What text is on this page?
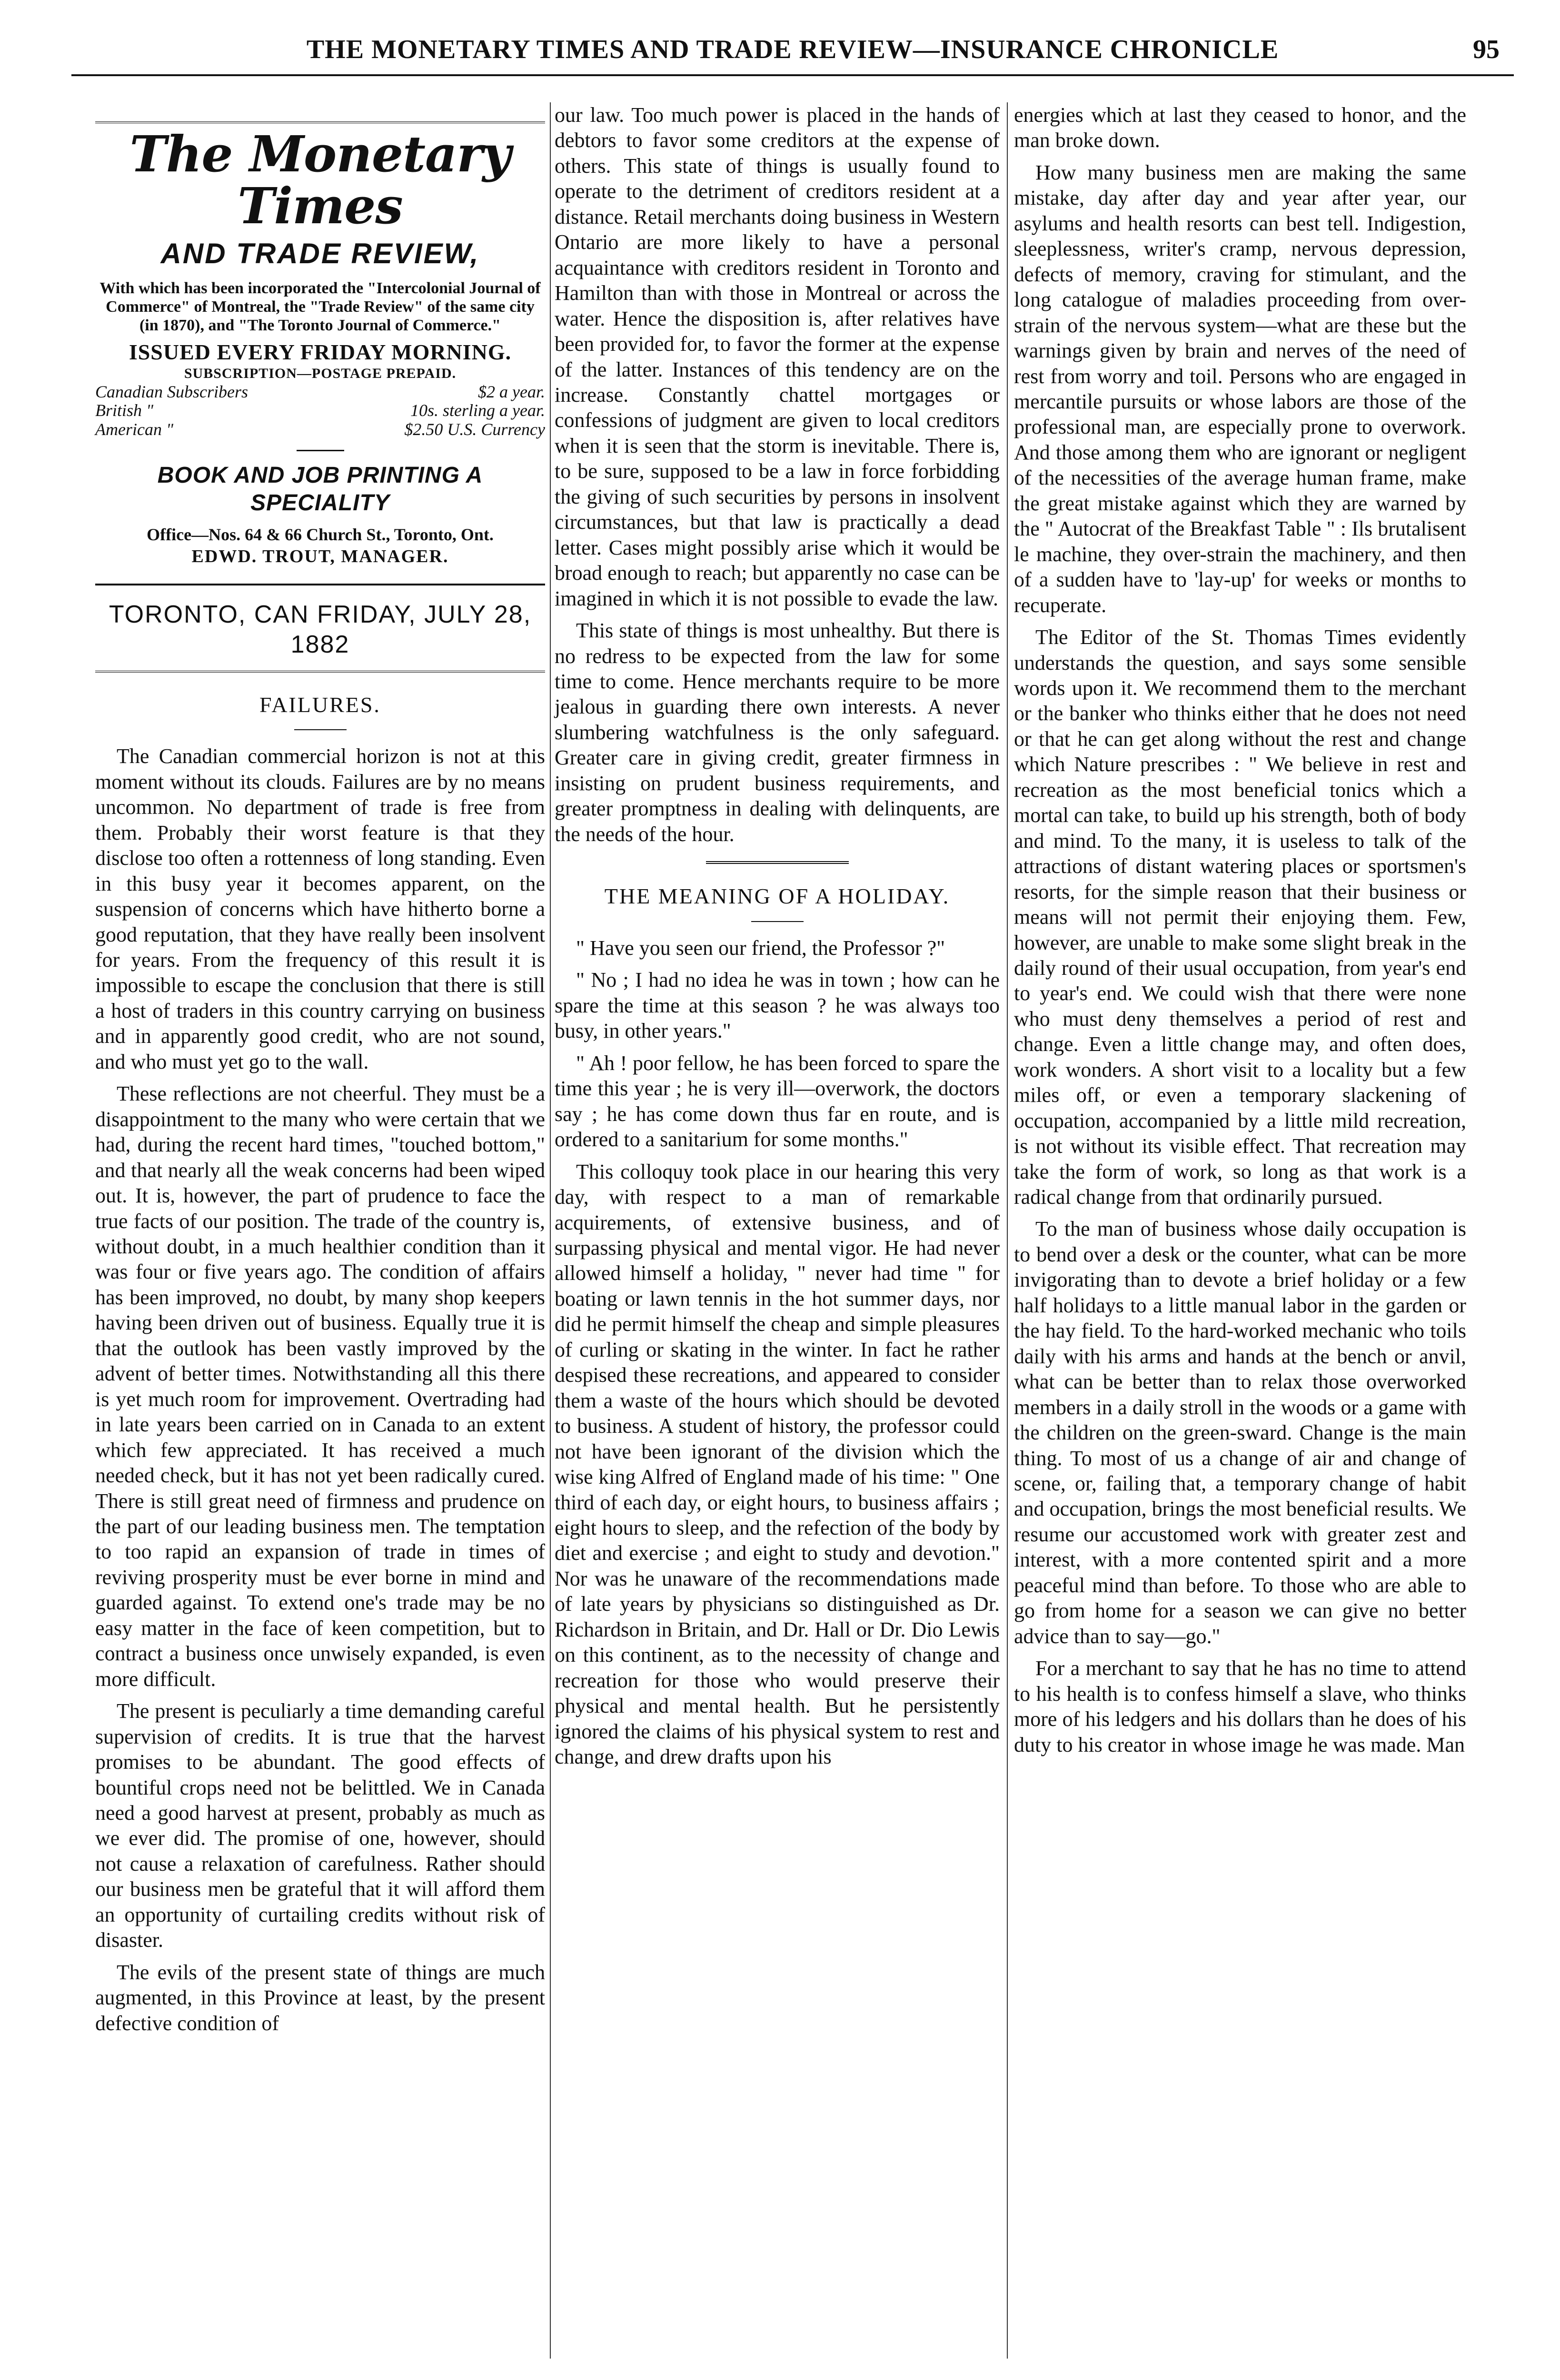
THE MONETARY TIMES AND TRADE REVIEW—INSURANCE CHRONICLE	95
The Monetary Times
AND TRADE REVIEW,
With which has been incorporated the "Intercolonial Journal of Commerce" of Montreal, the "Trade Review" of the same city (in 1870), and "The Toronto Journal of Commerce."
ISSUED EVERY FRIDAY MORNING.
SUBSCRIPTION—POSTAGE PREPAID.
Canadian Subscribers	$2 a year.
British "	10s. sterling a year.
American "	$2.50 U.S. Currency
BOOK AND JOB PRINTING A SPECIALITY
Office—Nos. 64 & 66 Church St., Toronto, Ont.
EDWD. TROUT, MANAGER.
TORONTO, CAN FRIDAY, JULY 28, 1882
FAILURES.

The Canadian commercial horizon is not at this moment without its clouds. Failures are by no means uncommon. No department of trade is free from them. Probably their worst feature is that they disclose too often a rottenness of long standing. Even in this busy year it becomes apparent, on the suspension of concerns which have hitherto borne a good reputation, that they have really been insolvent for years. From the frequency of this result it is impossible to escape the conclusion that there is still a host of traders in this country carrying on business and in apparently good credit, who are not sound, and who must yet go to the wall.

These reflections are not cheerful. They must be a disappointment to the many who were certain that we had, during the recent hard times, "touched bottom," and that nearly all the weak concerns had been wiped out. It is, however, the part of prudence to face the true facts of our position. The trade of the country is, without doubt, in a much healthier condition than it was four or five years ago. The condition of affairs has been improved, no doubt, by many shop keepers having been driven out of business. Equally true it is that the outlook has been vastly improved by the advent of better times. Notwithstanding all this there is yet much room for improvement. Overtrading had in late years been carried on in Canada to an extent which few appreciated. It has received a much needed check, but it has not yet been radically cured. There is still great need of firmness and prudence on the part of our leading business men. The temptation to too rapid an expansion of trade in times of reviving prosperity must be ever borne in mind and guarded against. To extend one's trade may be no easy matter in the face of keen competition, but to contract a business once unwisely expanded, is even more difficult.

The present is peculiarly a time demanding careful supervision of credits. It is true that the harvest promises to be abundant. The good effects of bountiful crops need not be belittled. We in Canada need a good harvest at present, probably as much as we ever did. The promise of one, however, should not cause a relaxation of carefulness. Rather should our business men be grateful that it will afford them an opportunity of curtailing credits without risk of disaster.

The evils of the present state of things are much augmented, in this Province at least, by the present defective condition of

our law. Too much power is placed in the hands of debtors to favor some creditors at the expense of others. This state of things is usually found to operate to the detriment of creditors resident at a distance. Retail merchants doing business in Western Ontario are more likely to have a personal acquaintance with creditors resident in Toronto and Hamilton than with those in Montreal or across the water. Hence the disposition is, after relatives have been provided for, to favor the former at the expense of the latter. Instances of this tendency are on the increase. Constantly chattel mortgages or confessions of judgment are given to local creditors when it is seen that the storm is inevitable. There is, to be sure, supposed to be a law in force forbidding the giving of such securities by persons in insolvent circumstances, but that law is practically a dead letter. Cases might possibly arise which it would be broad enough to reach; but apparently no case can be imagined in which it is not possible to evade the law.

This state of things is most unhealthy. But there is no redress to be expected from the law for some time to come. Hence merchants require to be more jealous in guarding there own interests. A never slumbering watchfulness is the only safeguard. Greater care in giving credit, greater firmness in insisting on prudent business requirements, and greater promptness in dealing with delinquents, are the needs of the hour.

THE MEANING OF A HOLIDAY.

" Have you seen our friend, the Professor ?"

" No ; I had no idea he was in town ; how can he spare the time at this season ? he was always too busy, in other years."

" Ah ! poor fellow, he has been forced to spare the time this year ; he is very ill—overwork, the doctors say ; he has come down thus far en route, and is ordered to a sanitarium for some months."

This colloquy took place in our hearing this very day, with respect to a man of remarkable acquirements, of extensive business, and of surpassing physical and mental vigor. He had never allowed himself a holiday, " never had time " for boating or lawn tennis in the hot summer days, nor did he permit himself the cheap and simple pleasures of curling or skating in the winter. In fact he rather despised these recreations, and appeared to consider them a waste of the hours which should be devoted to business. A student of history, the professor could not have been ignorant of the division which the wise king Alfred of England made of his time: " One third of each day, or eight hours, to business affairs ; eight hours to sleep, and the refection of the body by diet and exercise ; and eight to study and devotion." Nor was he unaware of the recommendations made of late years by physicians so distinguished as Dr. Richardson in Britain, and Dr. Hall or Dr. Dio Lewis on this continent, as to the necessity of change and recreation for those who would preserve their physical and mental health. But he persistently ignored the claims of his physical system to rest and change, and drew drafts upon his

energies which at last they ceased to honor, and the man broke down.

How many business men are making the same mistake, day after day and year after year, our asylums and health resorts can best tell. Indigestion, sleeplessness, writer's cramp, nervous depression, defects of memory, craving for stimulant, and the long catalogue of maladies proceeding from over-strain of the nervous system—what are these but the warnings given by brain and nerves of the need of rest from worry and toil. Persons who are engaged in mercantile pursuits or whose labors are those of the professional man, are especially prone to overwork. And those among them who are ignorant or negligent of the necessities of the average human frame, make the great mistake against which they are warned by the " Autocrat of the Breakfast Table " : Ils brutalisent le machine, they over-strain the machinery, and then of a sudden have to 'lay-up' for weeks or months to recuperate.

The Editor of the St. Thomas Times evidently understands the question, and says some sensible words upon it. We recommend them to the merchant or the banker who thinks either that he does not need or that he can get along without the rest and change which Nature prescribes : " We believe in rest and recreation as the most beneficial tonics which a mortal can take, to build up his strength, both of body and mind. To the many, it is useless to talk of the attractions of distant watering places or sportsmen's resorts, for the simple reason that their business or means will not permit their enjoying them. Few, however, are unable to make some slight break in the daily round of their usual occupation, from year's end to year's end. We could wish that there were none who must deny themselves a period of rest and change. Even a little change may, and often does, work wonders. A short visit to a locality but a few miles off, or even a temporary slackening of occupation, accompanied by a little mild recreation, is not without its visible effect. That recreation may take the form of work, so long as that work is a radical change from that ordinarily pursued.

To the man of business whose daily occupation is to bend over a desk or the counter, what can be more invigorating than to devote a brief holiday or a few half holidays to a little manual labor in the garden or the hay field. To the hard-worked mechanic who toils daily with his arms and hands at the bench or anvil, what can be better than to relax those overworked members in a daily stroll in the woods or a game with the children on the green-sward. Change is the main thing. To most of us a change of air and change of scene, or, failing that, a temporary change of habit and occupation, brings the most beneficial results. We resume our accustomed work with greater zest and interest, with a more contented spirit and a more peaceful mind than before. To those who are able to go from home for a season we can give no better advice than to say—go."

For a merchant to say that he has no time to attend to his health is to confess himself a slave, who thinks more of his ledgers and his dollars than he does of his duty to his creator in whose image he was made. Man
